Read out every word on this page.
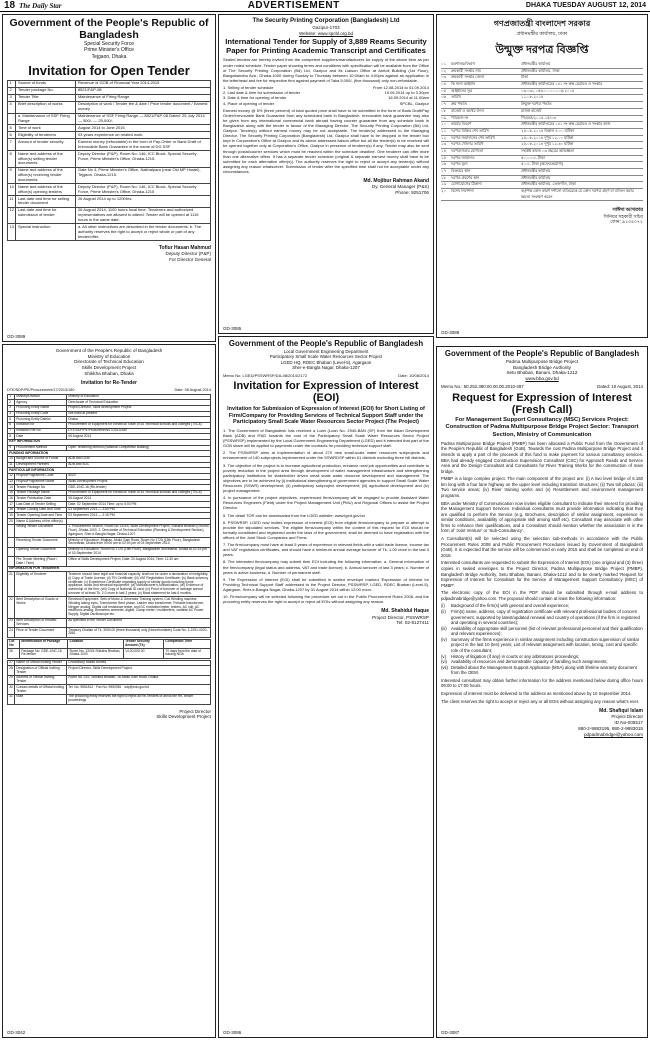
18 The Daily Star	ADVERTISEMENT	DHAKA TUESDAY AUGUST 12, 2014
Government of the People's Republic of Bangladesh
Special Security Force
Prime Minister's Office
Tejgaon, Dhaka
Invitation for Open Tender
1	Source of funds	Revenue of GOB of Financial Year 2014-2015
2	Tender package No.	8521/F&P-08
3	Tender Title	Maintenance of Firing Range
4	Brief description of works	Description of work / Tender fee & date / Price tender document / Earnest money
	a. Maintenance of SSF Firing Range	Maintenance of SSF Firing Range — 8521/F&P-08 Dated: 25 July 2014 — 500/- — 25,000/-
5	Time of work	August 2014 to June 2015
6	Eligibility of tenderers	03 years experience on related work.
7	Amount of tender security	Earnest money (refundable) in the form of Pay-Order or Bank Draft of Irrevocable Bank Guarantee in the name of DG SSF
8	Name and address of the office(s) selling tender documents	Deputy Director (P&P), Room No: 146, ICC Block, Special Security Force, Prime Minister's Office, Dhaka-1215.
9	Name and address of the office(s) receiving tender documents	Gate No 4, Prime Minister's Office, Nakhalpara (near Old MP Hostel), Tejgaon, Dhaka-1215.
10	Name and address of the office(s) opening tenders	Deputy Director (P&P), Room No: 146, ICC Block, Special Security Force, Prime Minister's Office, Dhaka-1215
11	Last date and time for selling tender document	26 August 2014 up to 1200hrs.
12	Last date and time for submission of tender	26 August 2014, 1100 hours local time. Tenderers and authorized representatives are allowed to attend. Tender will be opened at 1115 hours in the same date.
13	Special instruction	a. All other instructions are described in the tender documents. b. The authority reserves the right to accept or reject whole or part of any tender/offer.
Tofiur Hasan Mahmud
Deputy Director (P&P)
For Director General
GD-3089
The Security Printing Corporation (Bangladesh) Ltd
Gazipur-1703
Website: www.spcbl.org.bd
International Tender for Supply of 3,889 Reams Security Paper for Printing Academic Transcript and Certificates
Sealed tenders are hereby invited from the competent suppliers/manufacturers for supply of the above item as per under noted schedule. Tender paper showing terms and conditions with specification will be available from the Office of The Security Printing Corporation (Bd) Ltd, Gazipur and its Liaison Office at Amtoli Building (1st Floor), Bangabandhu Ava., Dhaka-1000 during Sunday to Thursday between 10:00am to 4:00pm against an application in the letterhead and fee for respective firm against payment of Taka 5,000/- (five thousand) only non-refundable.
1. Selling of tender schedule	From 12.08.2014 to 01.09.2014
2. Last date & time for submission of tender	15.09.2014 up to 3.30pm
3. Date & time for opening of tender	16.09.2014 at 11.00am
4. Place of opening of tender	SPCBL, Gazipur
Earnest money @ 5% (three percent) of total quoted price shall have to be submitted in the form of Bank Draft/Pay Order/Irrevocable Bank Guarantee from any scheduled bank in Bangladesh. Irrevocable bank guarantee may also be given from any international commercial bank abroad having counter guarantee from any schedule bank in Bangladesh along with the tender in favour of the Managing Director, The Security Printing Corporation (Bd) Ltd, Gazipur. Tender(s) without earnest money may be not acceptable. The tender(s) addressed to the Managing Director, The Security Printing Corporation (Bangladesh) Ltd, Gazipur shall have to be dropped in the tender box kept in Corporation's Office at Gazipur and its above addressed liaison office but all the tender(s) to be received will be opened together only at Corporation's Office, Gazipur in presence of tenderer(s) if any. Tender may also be sent through postal/courier services which must be reached within the schedule deadline. One tenderer can offer more than one alternative offers. It has a separate tender schedule (original & separate earnest money shall have to be submitted for each alternative offer(s)). The authority reserves the right to reject or accept any tender(s) without assigning any reason whatsoever. Submission of tender after the specified time shall not be acceptable under any circumstances.
Md. Mojibur Rahman Akand
Dy. General Manager (P&S)
Phone: 9251706
GD-3085
গণপ্রজাতন্ত্রী বাংলাদেশ সরকার
প্রধানমন্ত্রীর কার্যালয়, ঢাকা
উন্মুক্ত দরপত্র বিজ্ঞপ্তি
০১	মন্ত্রণালয়/বিভাগ	প্রধানমন্ত্রীর কার্যালয়
০২	ক্রয়কারী সংস্থার নাম	প্রধানমন্ত্রীর কার্যালয়, ঢাকা
০৩	ক্রয়কারী সংস্থার জেলা	ঢাকা
০৪	কি জন্য আহ্বান	প্রধানমন্ত্রীর কার্যালয়ের ১৪১ নং কক্ষ মেরামত ও সংস্কার
০৫	আহ্বানের সূত্র	০৩.০৩১.০৫৬.০০.০০.০০৬.২০১৪
০৬	তারিখ	১১-০৮-২০১৪
০৭	ক্রয় পদ্ধতি	উন্মুক্ত দরপত্র পদ্ধতি
০৮	বাজেট ও অর্থের উৎস	রাজস্ব বাজেট
০৯	প্যাকেজ নং	পিএমও/২০১৪-১৫/০৩
১০	কার্যের বিবরণ	প্রধানমন্ত্রীর কার্যালয়ের ১৪১ নং কক্ষ মেরামত ও সংস্কার কাজ
১১	দরপত্র বিক্রির শেষ তারিখ	২৪-০৮-২০১৪ বিকাল ৪.০০ ঘটিকা
১২	দরপত্র জমাদানের শেষ তারিখ	২৫-০৮-২০১৪ দুপুর ১২.০০ ঘটিকা
১৩	দরপত্র খোলার তারিখ	২৫-০৮-২০১৪ দুপুর ১২.৩০ ঘটিকা
১৪	দরপত্রদাতার যোগ্যতা	সংশ্লিষ্ট কাজে ০৩ বছরের অভিজ্ঞতা
১৫	দরপত্র জামানত	৫০,০০০/- টাকা
১৬	দরপত্র মূল্য	৫০০/- টাকা (অফেরতযোগ্য)
১৭	বিক্রয়ের স্থান	প্রধানমন্ত্রীর কার্যালয়
১৮	দরপত্র গ্রহণের স্থান	প্রধানমন্ত্রীর কার্যালয়
১৯	যোগাযোগের ঠিকানা	প্রধানমন্ত্রীর কার্যালয়, তেজগাঁও, ঢাকা
২০	বিশেষ নির্দেশনা	কর্তৃপক্ষ কোন কারণ দর্শানো ব্যতিরেকে যে কোন দরপত্র গ্রহণ বা বাতিল করার ক্ষমতা সংরক্ষণ করেন
সাঈদা আখতার
সিনিয়র সহকারী সচিব
ফোন: ৯১৩৪০৭২
GD-3088
Government of the People's Republic of Bangladesh
Ministry of Education
Directorate of Technical Education
Skills Development Project
Shikkha Bhaban, Dhaka
Invitation for Re-Tender
DTE/SDP/PE/Procurement/17/2013/180	Date: 06 August 2014
1	Ministry/Division	Ministry of Education
2	Agency	Directorate of Technical Education
3	Procuring Entity Name	Project Director, Skills development Project
4	Procuring Entity Code	Not used at present
5	Procuring Entity District	Dhaka
6	Invitation for	Procurement of Equipment for Electrical Trade of 44 Technical schools and colleges (TSCs)
7	Invitation Ref No	DTE/SDP/PE/Procurement/17/2013/180
8	Date	06 August 2014
KEY INFORMATION		
9	Procurement Method	Open Tendering Method (National Competitive Bidding)
FUNDING INFORMATION		
10	Budget and Source of Funds	ADB and GOB
11	Development Partners	ADB and SDC
PARTICULAR INFORMATION		
12	Project/Programme Code	5020
13	Project/Programme Name	Skills Development Project
14	Tender Package No	GDE-1/NC-16 (Re-tender)
15	Tender Package Name	Procurement of Equipment for Electrical Trade of 44 Technical schools and colleges (TSCs)
16	Tender Publication Date	06 August 2014
17	Last Date of Tender Selling	Date: 02 September 2014 Time: up to 5:00 PM
18	Tender Closing Date and Time	03 September 2014 — 2:00 PM
19	Tender Opening Date and Time	03 September 2014 — 2:15 PM
20	Name & Address of the office(s)	
	Selling Tender Document	1. Procurement Section, Room No 13/3/4, Skills Development Project, Shikkha Bhaban (Ground Floor), Dhaka-1000. 2. Directorate of Technical Education (Planning & Development Section), Agargaon, Sher-e-Bangla Nagar, Dhaka-1207.
	Receiving Tender Document	Ministry of Education, Bhaban, Abdul Gani Road, Room No 1725 (15th Floor), Bangladesh Secretariat, Dhaka from 09:00 am to 02:00 pm of 03 September 2014
	Opening Tender Document	Ministry of Education, Room No 1725 (15th Floor), Bangladesh Secretariat, Dhaka At 02:15 pm of 03 September 2014
	Pre-Tender Meeting (Place / Date / Time)	Office of Skills Development Project, Date: 20 August 2014, Time: 11:30 am
INFORMATION FOR TENDERER		
21	Eligibility of Tenderer	Tenderer should have legal and financial capacity, shall not be under a declaration of ineligibility; (i) Copy of Trade License; (ii) TIN Certificate; (iii) VAT Registration Certificate; (iv) Bank solvency certificate; (v) Experience Certificate regarding supply of similar goods including home appliance, audio and electrical equipment; (vi) Manufacturer's Authorization; (vii) Evidence of ownership of the firm; (viii) Copy of National ID card; (ix) Proof of turnover of average annual turnover of at least Tk. 2.0 crore in last 3 years; (x) Bank statement for last 6 months.
22	Brief Description of Goods or Works	Electrical Equipment: Sets of Motor & Generator Training system, Coil Winding machine, Winding taking eyes, Transformer Bent phase, Ladder axis transformer, Portable transformer, Megger analog, Digital volt resistance tester, and DC excitation/meter, testers, AC volt, AC electronic analog, Ammeters ammeter, digital, Clamp meter / multimeters, variable AC Power Supply, Digital Oscilloscope etc.
23	Brief Description of Related Services	As specified in the Tender Document
24	Price of Tender Document	Treasury Challan of Tk. 3000.00 (three thousand) only (Nonrefundable) Code No. 1-2251-0020-2681
Lot No	Identification of Package	Location	Tender Security Amount (Tk)	Completion Time
26	Package No: GDE-1/NC-16 Re-tender	Room No: 13/3/4 Shikkha Bhaban, Dhaka-1000	14,00,000.00	70 days from the date of issuing NOA
27	Name of Official Inviting Tender	Chowdhury Mufad Ahmed
28	Designation of Official Inviting Tender	Project Director, Skills Development Project
29	Address of Official Inviting Tender	Room No 13/2, Shikkha Bhaban, 16 Abdul Gani Road, Dhaka
30	Contact details of Official Inviting Tender	Tel. No: 9551812 · Fax No: 9550981 · sdp@edu.gov.bd
31	Note	The procuring entity reserves the right to reject all Re-Tenders or annul the Re-Tender proceedings
Project Director
Skills Development Project
GD-3042
Government of the People's Republic of Bangladesh
Local Government Engineering Department
Participatory Small Scale Water Resources Sector Project
LGED HQ, RDEC Bhaban (Level-5), Agargaon
Sher-e-Bangla Nagar, Dhaka-1207
Memo No. LGED/PSSWRSP/DA-08/2014/2172	Date: 10/08/2014
Invitation for Expression of Interest (EOI)
Invitation for Submission of Expression of Interest (EOI) for Short Listing of Firm/Company for Providing Services of Technical Support Staff under the Participatory Small Scale Water Resources Sector Project (The Project)
1. The Government of Bangladesh has received a Loan (Loan No. 2940-BAN (SF) from the Asian Development Bank (ADB) and IFAD towards the cost of the Participatory Small Scale Water Resources Sector Project (PSSWRSP) implemented by the Local Government Engineering Department (LGED) and it intended that part of the GOB share will be applied to payments under the contracts for providing technical support staff.
2. The PSSWRSP aims at implementation of about 270 new small-scale water resources subprojects and enhancement of 140 subprojects implemented under the SSWRDSP within 61 districts excluding three hill districts.
3. The objective of the project is to increase agricultural production, enhance rural job opportunities and contribute to poverty reduction in the project area through development of water management infrastructure and strengthening participatory institutions for stakeholder driven small scale water resource development and management. The objectives are to be achieved by (i) institutional strengthening of government agencies to support Small Scale Water Resources (SSWR) development; (ii) participatory subproject development; (iii) agricultural development and (iv) project management.
4. In pursuance of the project objectives, experienced firms/company will be engaged to provide Assistant Water Resources Engineers (Field) under the Project Management Unit (PMU) and Regional Offices to assist the Project Director.
5. The detail TOR can be downloaded from the LGED website: www.lged.gov.bd
6. PSSWRSP, LGED now invites expression of interest (EOI) from eligible firms/company to prepare or attempt to provide the stipulated services. The eligible firms/company within the context of this request for EOI should be formally constituted and registered under the laws of the government, shall be deemed to have registration with the offices of the Joint Stock Companies and Firms.
7. The firm/company must have at least 5 years of experience in relevant fields with a valid trade licence, income tax and VAT registration certificates, and should have a minimum annual average turnover of Tk. 1.00 crore in the last 3 years.
8. The interested firm/company may submit their EOI including the following information: a. General information of the firm/company (legal status and address, VAT and trade licence); b. Annual turnover of last 3 years; c. Number of years in active business; d. Number of permanent staff.
9. The Expression of Interest (EOI) shall be submitted in sealed envelope marked 'Expression of Interest for Providing Technical Support Staff' addressed to the Project Director, PSSWRSP, LGED, RDEC Bhaban (Level-5), Agargaon, Sher-e-Bangla Nagar, Dhaka-1207 by 31 August 2014 within 12:00 noon.
10. Firms/company will be selected following the procedure set out in the Public Procurement Rules 2008, and the procuring entity reserves the right to accept or reject all EOIs without assigning any reason.
Md. Shahidul Haque
Project Director, PSSWRSP
Tel: 02-8127411
GD-3086
Government of the People's Republic of Bangladesh
Padma Multipurpose Bridge Project
Bangladesh Bridge Authority
Setu Bhaban, Banani, Dhaka-1212
www.bba.gov.bd
Memo No.: 50.252.380.00.00.00.2010-497	Dated: 10 August, 2014
Request for Expression of Interest (Fresh Call)
For Management Support Consultancy (MSC) Services Project: Construction of Padma Multipurpose Bridge Project Sector: Transport Section, Ministry of Communication
Padma Multipurpose Bridge Project (PMBP) has been allocated a Public Fund from the Government of the People's Republic of Bangladesh (GoB). Towards the cost Padma Multipurpose Bridge Project and it intends to apply a part of the proceeds of this fund to make payment for various consultancy services. BBA had already engaged Construction Supervision Consultant (CSC) for Approach Roads and Service Area and the Design Consultant and Consultants for River Training Works for the construction of main bridge.
PMBP is a large complex project. The main component of the project are: (i) A two level bridge of 6.150 km long with a four lane highway on the upper level including transition structures; (ii) Two toll plazas; (iii) Two service areas; (iv) River training works and (v) Resettlement and environment management programs.
BBA under Ministry of Communication now invites eligible consultant to indicate their interest for providing the Management Support Services. Individual consultants must provide information indicating that they are qualified to perform the Service (e.g. Brochures, description of similar assignment, experience in similar conditions, availability of appropriate skill among staff etc). Consultant may associate with other firms to enhance their qualifications, and a Consultant should mention whether the association is in the form of 'Joint Venture' or 'Sub-Consultancy'.
A Consultant(s) will be selected using the selection sub-methods in accordance with the Public Procurement Rules 2008 and Public Procurement Procedures issued by Government of Bangladesh (GoB). It is expected that the service will be commenced on early 2015 and shall be completed on end of 2018.
Interested consultants are requested to submit the Expression of Interest (EOI) (one original and (3) three) copies in sealed envelopes to the Project Director, Padma Multipurpose Bridge Project (PMBP), Bangladesh Bridge Authority, Setu Bhaban, Banani, Dhaka-1212 and to be clearly marked 'Request for Expression of Interest for Consultant for the Service of Management Support Consultancy (MSC) of PMBP'.
The electronic copy of the EOI in the PDF should be submitted through e-mail address to pdpadmabridge@yahoo.com. The proposal should contain at least the following information:
(i)	Background of the firm(s) with general and overall experience;
(ii)	Firm(s) name, address, copy of registration certificate with relevant professional bodies of concern government, supported by latest/updated renewal and country of operations (if the firm is registered and operating in several countries);
(iii) Availability of appropriate skill personnel (list of relevant professional personnel and their qualification and relevant experiences);
(iv) Summary of the firms experience in similar assignment including construction supervision of similar project in the last 10 (ten) years; List of relevant assignment with location, timing, cost and specific role of the consultant;
(v)	History of litigation (if any) in courts or any arbitrations proceedings;
(vi) Availability of resources and demonstrable capacity of handling such assignments;
(vii) Detailed about the Management Support Application (MSA) along with lifetime warranty document from the OEM.
Interested consultant may obtain further information for the address mentioned below during office hours 09:00 to 17:00 hours.
Expression of interest must be delivered to the address as mentioned above by 10 September 2014.
The client reserves the right to accept or reject any or all EOIs without assigning any reason what's ever.
Md. Shafiqul Islam
Project Director
ID No-005517
880-2-9883195, 880-2-9883015
pdpadmabridge@yahoo.com
GD-3087
